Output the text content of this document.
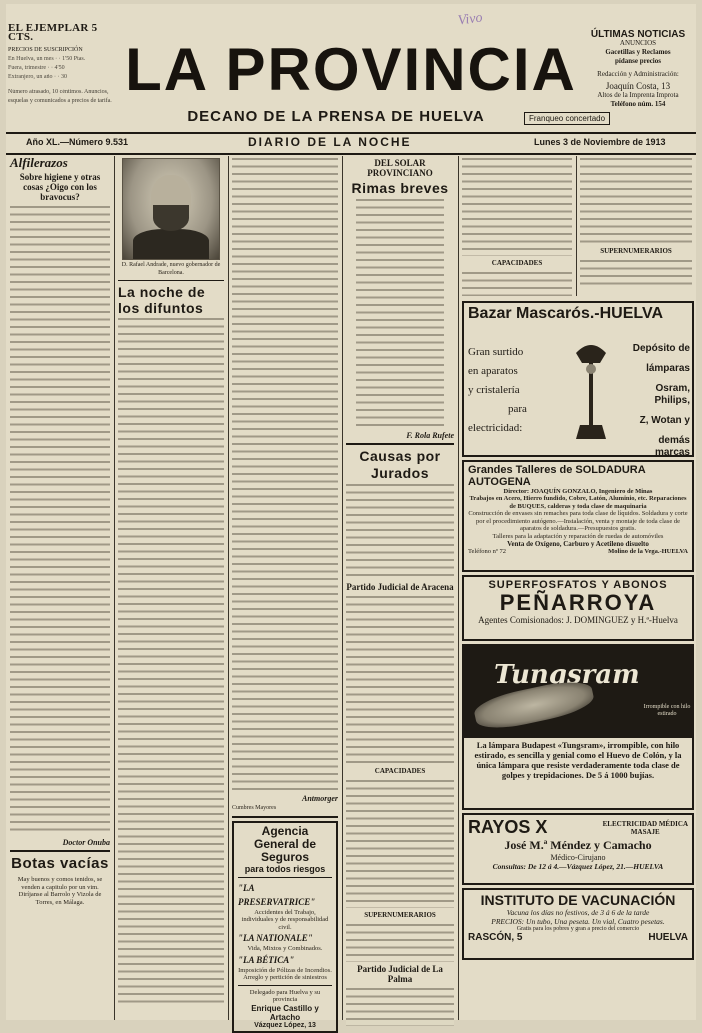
EL EJEMPLAR 5 CTS.
PRECIOS DE SUSCRIPCIÓN
En Huelva, un mes · · 1'50 Ptas.
Fuera, trimestre · · 4'50
Extranjero, un año · · 30
Número atrasado, 10 céntimos. Anuncios, esquelas y comunicados a precios de tarifa.
Vivo
LA PROVINCIA
DECANO DE LA PRENSA DE HUELVA
ÚLTIMAS NOTICIAS
ANUNCIOS
Gacetillas y Reclamos
pídanse precios
Redacción y Administración:
Joaquín Costa, 13
Altos de la Imprenta Improta
Teléfono núm. 154
Franqueo concertado
Año XL.—Número 9.531	DIARIO DE LA NOCHE	Lunes 3 de Noviembre de 1913
Alfilerazos
Sobre higiene y otras cosas ¿Oigo con los bravocus?
Doctor Onuba
Botas vacías
May buenos y comos tenidos, se venden a capitulo por un vim. Diríjanse al Barrolo y Vizola de Torres, en Málaga.
D. Rafael Andrade, nuevo gobernador de Barcelona.
La noche de los difuntos
Antmorger
Cumbres Mayores
Agencia General de Seguros
para todos riesgos
"LA PRESERVATRICE"
Accidentes del Trabajo, individuales y de responsabilidad civil.
"LA NATIONALE"
Vida, Mixtos y Combinados.
"LA BÉTICA"
Imposición de Pólizas de Incendios. Arreglo y pertición de siniestros
Delegado para Huelva y su provincia
Enrique Castillo y Artacho
Vázquez López, 13
DEL SOLAR PROVINCIANO
Rimas breves
F. Rola Rufete
Causas por Jurados
Partido Judicial de Aracena
CAPACIDADES
SUPERNUMERARIOS
Partido Judicial de La Palma
CAPACIDADES
SUPERNUMERARIOS
Bazar Mascarós.-HUELVA
Gran surtido
en aparatos
y cristalería
para
electricidad:
Depósito de
lámparas
Osram, Philips,
Z, Wotan y
demás marcas
Grandes Talleres de SOLDADURA AUTOGENA
Director: JOAQUÍN GONZALO, Ingeniero de Minas
Trabajos en Acero, Hierro fundido, Cobre, Latón, Aluminio, etc. Reparaciones de BUQUES, calderas y toda clase de maquinaria
Construcción de envases sin remaches para toda clase de líquidos. Soldadura y corte por el procedimiento autógeno.—Instalación, venta y montaje de toda clase de aparatos de soldadura.—Presupuestos gratis.
Talleres para la adaptación y reparación de ruedas de automóviles
Venta de Oxígeno, Carburo y Acetileno disuelto
Teléfono nº 72	Molino de la Vega.-HUELVA
SUPERFOSFATOS Y ABONOS
PEÑARROYA
Agentes Comisionados: J. DOMINGUEZ y H.ª-Huelva
Tungsram
Irrompible con hilo estirado
La lámpara Budapest «Tungsram», irrompible, con hilo estirado, es sencilla y genial como el Huevo de Colón, y la única lámpara que resiste verdaderamente toda clase de golpes y trepidaciones. De 5 á 1000 bujías.
RAYOS X	ELECTRICIDAD MÉDICA
MASAJE
José M.ª Méndez y Camacho
Médico-Cirujano
Consultas: De 12 á 4.—Vázquez López, 21.—HUELVA
INSTITUTO DE VACUNACIÓN
Vacuna los días no festivos, de 3 á 6 de la tarde
PRECIOS: Un tubo, Una peseta. Un vial, Cuatro pesetas.
Gratis para los pobres y gran a precio del comercio
RASCÓN, 5	HUELVA
